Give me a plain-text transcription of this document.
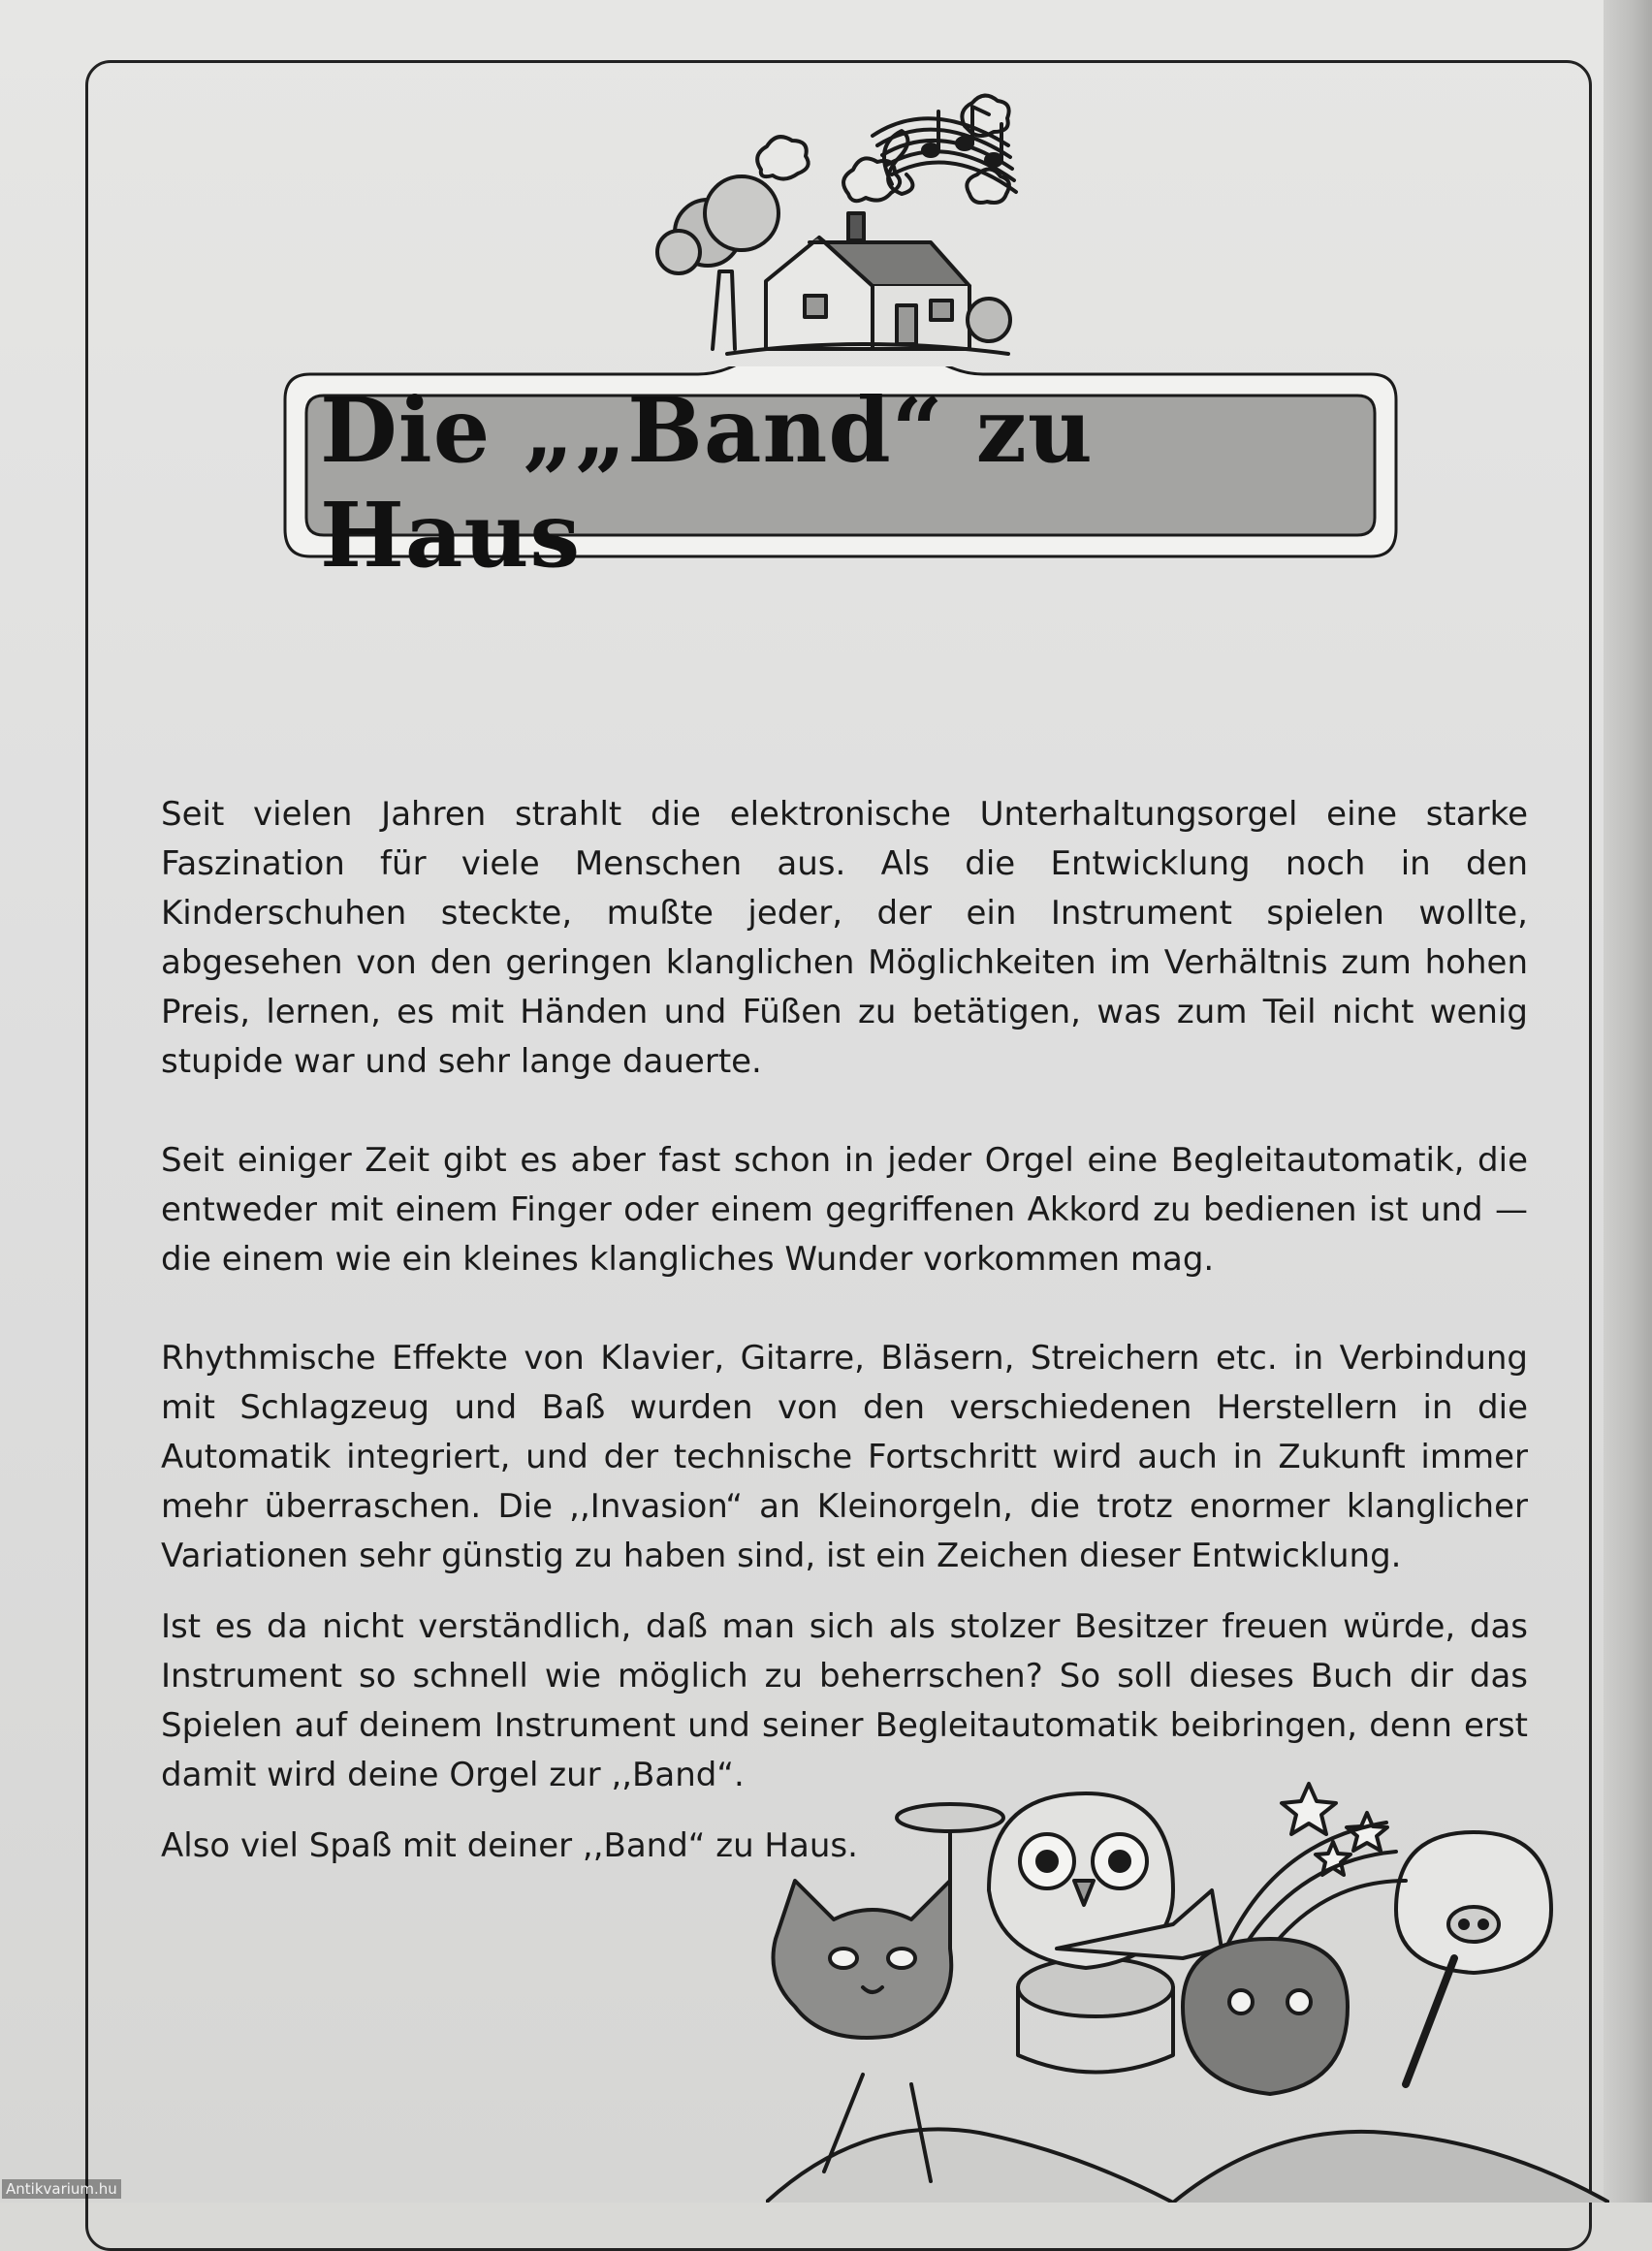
Die „„Band“ zu Haus

Seit vielen Jahren strahlt die elektronische Unterhaltungsorgel eine starke Faszination für viele Menschen aus. Als die Entwicklung noch in den Kinderschuhen steckte, mußte jeder, der ein Instrument spielen wollte, abgesehen von den geringen klanglichen Möglichkeiten im Verhältnis zum hohen Preis, lernen, es mit Händen und Füßen zu betätigen, was zum Teil nicht wenig stupide war und sehr lange dauerte.

Seit einiger Zeit gibt es aber fast schon in jeder Orgel eine Begleitautomatik, die entweder mit einem Finger oder einem gegriffenen Akkord zu bedienen ist und — die einem wie ein kleines klangliches Wunder vorkommen mag.

Rhythmische Effekte von Klavier, Gitarre, Bläsern, Streichern etc. in Verbindung mit Schlagzeug und Baß wurden von den verschiedenen Herstellern in die Automatik integriert, und der technische Fortschritt wird auch in Zukunft immer mehr überraschen. Die ,,Invasion“ an Kleinorgeln, die trotz enormer klanglicher Variationen sehr günstig zu haben sind, ist ein Zeichen dieser Entwicklung.

Ist es da nicht verständlich, daß man sich als stolzer Besitzer freuen würde, das Instrument so schnell wie möglich zu beherrschen? So soll dieses Buch dir das Spielen auf deinem Instrument und seiner Begleitautomatik beibringen, denn erst damit wird deine Orgel zur ,,Band“.

Also viel Spaß mit deiner ,,Band“ zu Haus.

Antikvarium.hu
